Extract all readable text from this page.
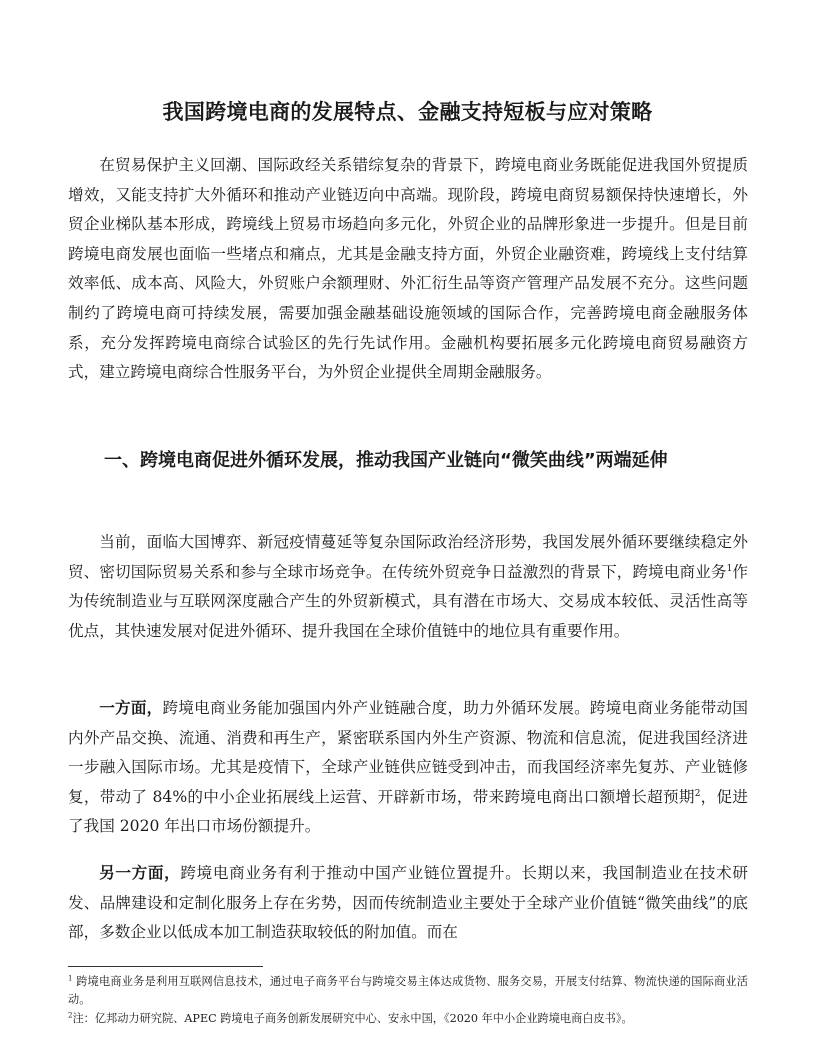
我国跨境电商的发展特点、金融支持短板与应对策略

在贸易保护主义回潮、国际政经关系错综复杂的背景下，跨境电商业务既能促进我国外贸提质增效，又能支持扩大外循环和推动产业链迈向中高端。现阶段，跨境电商贸易额保持快速增长，外贸企业梯队基本形成，跨境线上贸易市场趋向多元化，外贸企业的品牌形象进一步提升。但是目前跨境电商发展也面临一些堵点和痛点，尤其是金融支持方面，外贸企业融资难，跨境线上支付结算效率低、成本高、风险大，外贸账户余额理财、外汇衍生品等资产管理产品发展不充分。这些问题制约了跨境电商可持续发展，需要加强金融基础设施领域的国际合作，完善跨境电商金融服务体系，充分发挥跨境电商综合试验区的先行先试作用。金融机构要拓展多元化跨境电商贸易融资方式，建立跨境电商综合性服务平台，为外贸企业提供全周期金融服务。

一、跨境电商促进外循环发展，推动我国产业链向“微笑曲线”两端延伸

当前，面临大国博弈、新冠疫情蔓延等复杂国际政治经济形势，我国发展外循环要继续稳定外贸、密切国际贸易关系和参与全球市场竞争。在传统外贸竞争日益激烈的背景下，跨境电商业务$^1$作为传统制造业与互联网深度融合产生的外贸新模式，具有潜在市场大、交易成本较低、灵活性高等优点，其快速发展对促进外循环、提升我国在全球价值链中的地位具有重要作用。

一方面，跨境电商业务能加强国内外产业链融合度，助力外循环发展。跨境电商业务能带动国内外产品交换、流通、消费和再生产，紧密联系国内外生产资源、物流和信息流，促进我国经济进一步融入国际市场。尤其是疫情下，全球产业链供应链受到冲击，而我国经济率先复苏、产业链修复，带动了 84%的中小企业拓展线上运营、开辟新市场，带来跨境电商出口额增长超预期$^2$，促进了我国 2020 年出口市场份额提升。

另一方面，跨境电商业务有利于推动中国产业链位置提升。长期以来，我国制造业在技术研发、品牌建设和定制化服务上存在劣势，因而传统制造业主要处于全球产业价值链“微笑曲线”的底部，多数企业以低成本加工制造获取较低的附加值。而在

$^1$ 跨境电商业务是利用互联网信息技术，通过电子商务平台与跨境交易主体达成货物、服务交易，开展支付结算、物流快递的国际商业活动。

$^2$注：亿邦动力研究院、APEC 跨境电子商务创新发展研究中心、安永中国，《2020 年中小企业跨境电商白皮书》。
